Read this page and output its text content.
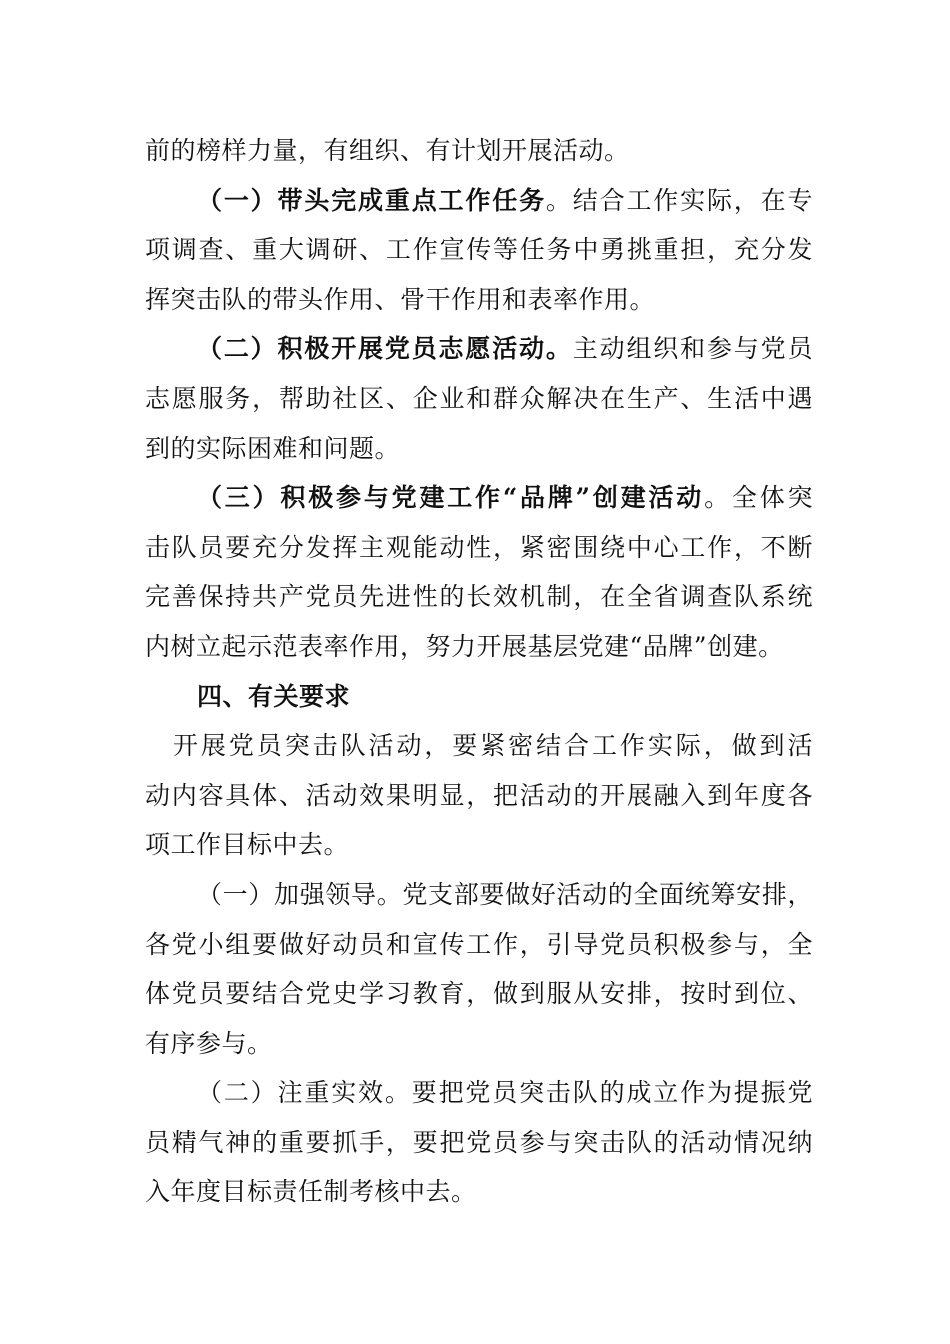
前的榜样力量，有组织、有计划开展活动。
（一）带头完成重点工作任务。结合工作实际，在专
项调查、重大调研、工作宣传等任务中勇挑重担，充分发
挥突击队的带头作用、骨干作用和表率作用。
（二）积极开展党员志愿活动。主动组织和参与党员
志愿服务，帮助社区、企业和群众解决在生产、生活中遇
到的实际困难和问题。
（三）积极参与党建工作“品牌”创建活动。全体突
击队员要充分发挥主观能动性，紧密围绕中心工作，不断
完善保持共产党员先进性的长效机制，在全省调查队系统
内树立起示范表率作用，努力开展基层党建“品牌”创建。
四、有关要求
开展党员突击队活动，要紧密结合工作实际，做到活
动内容具体、活动效果明显，把活动的开展融入到年度各
项工作目标中去。
（一）加强领导。党支部要做好活动的全面统筹安排，
各党小组要做好动员和宣传工作，引导党员积极参与，全
体党员要结合党史学习教育，做到服从安排，按时到位、
有序参与。
（二）注重实效。要把党员突击队的成立作为提振党
员精气神的重要抓手，要把党员参与突击队的活动情况纳
入年度目标责任制考核中去。
